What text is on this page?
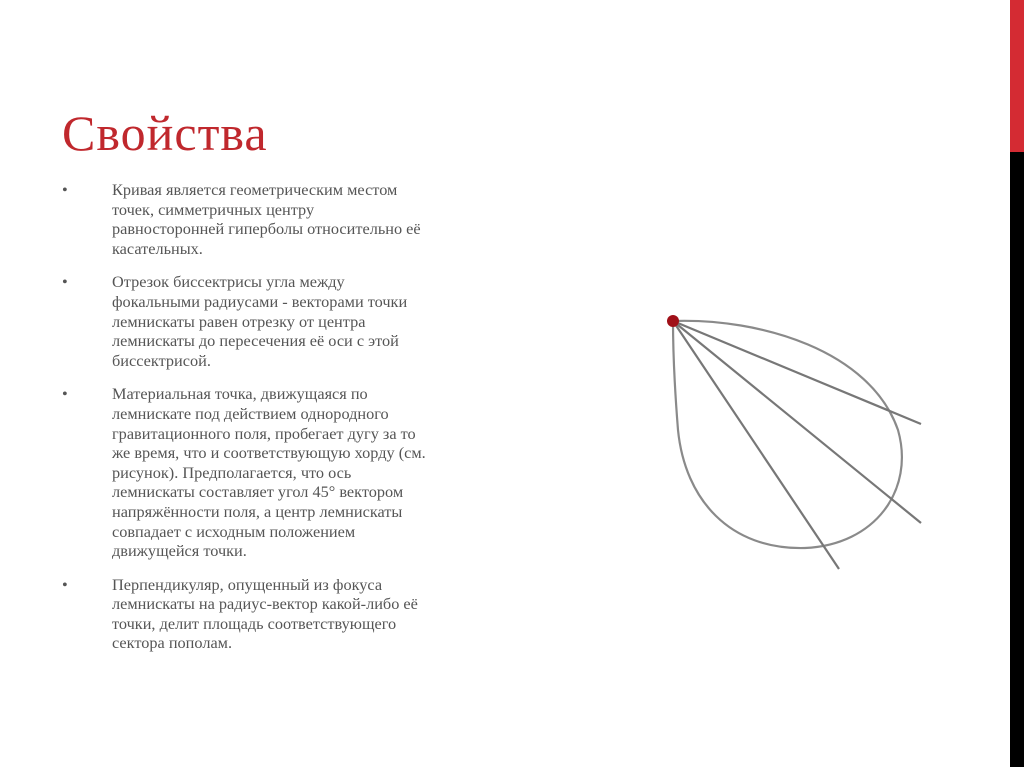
Свойства
•	Кривая является геометрическим местом
точек, симметричных центру
равносторонней гиперболы относительно её
касательных.
•	Отрезок биссектрисы угла между
фокальными радиусами - векторами точки
лемнискаты равен отрезку от центра
лемнискаты до пересечения её оси с этой
биссектрисой.
•	Материальная точка, движущаяся по
лемнискате под действием однородного
гравитационного поля, пробегает дугу за то
же время, что и соответствующую хорду (см.
рисунок). Предполагается, что ось
лемнискаты составляет угол 45° вектором
напряжённости поля, а центр лемнискаты
совпадает с исходным положением
движущейся точки.
•	Перпендикуляр, опущенный из фокуса
лемнискаты на радиус-вектор какой-либо её
точки, делит площадь соответствующего
сектора пополам.
